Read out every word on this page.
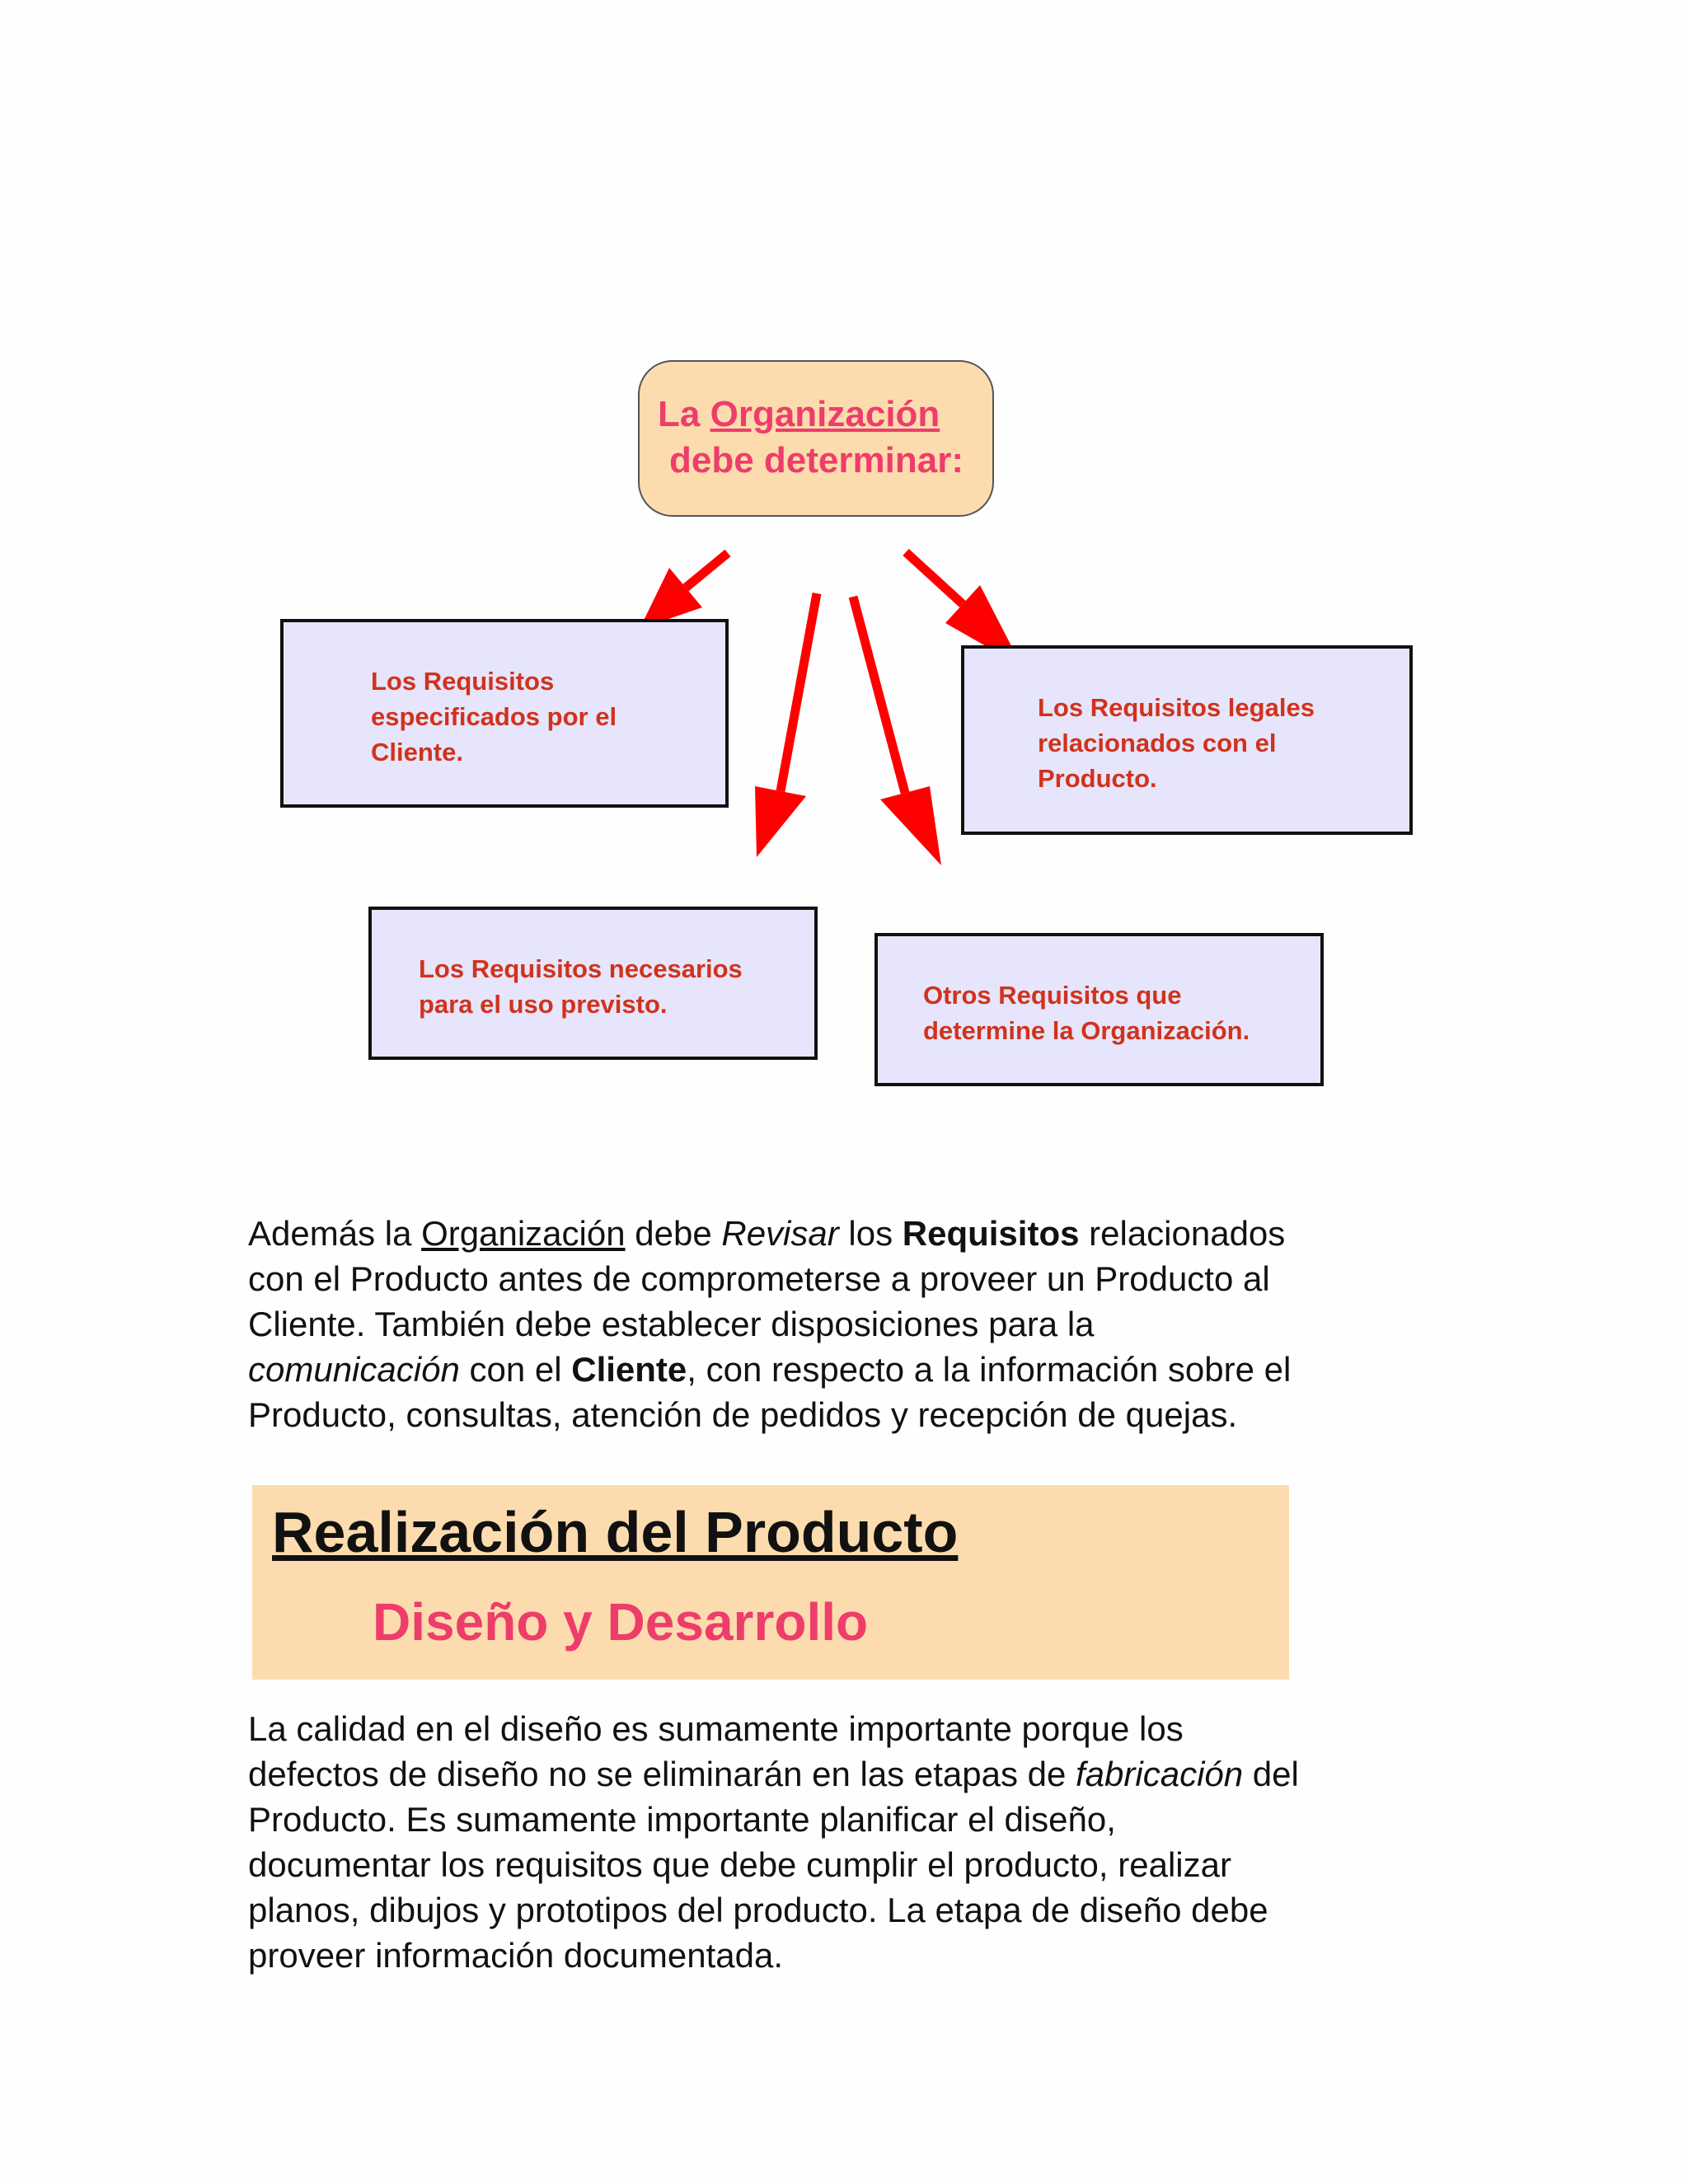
La Organización
debe determinar:
Los Requisitos
especificados por el
Cliente.
Los Requisitos legales
relacionados con el
Producto.
Los Requisitos necesarios
para el uso previsto.	Otros Requisitos que
determine la Organización.

Además la Organización debe Revisar los Requisitos relacionados
con el Producto antes de comprometerse a proveer un Producto al
Cliente. También debe establecer disposiciones para la
comunicación con el Cliente, con respecto a la información sobre el
Producto, consultas, atención de pedidos y recepción de quejas.

Realización del Producto
Diseño y Desarrollo

La calidad en el diseño es sumamente importante porque los
defectos de diseño no se eliminarán en las etapas de fabricación del
Producto. Es sumamente importante planificar el diseño,
documentar los requisitos que debe cumplir el producto, realizar
planos, dibujos y prototipos del producto. La etapa de diseño debe
proveer información documentada.
